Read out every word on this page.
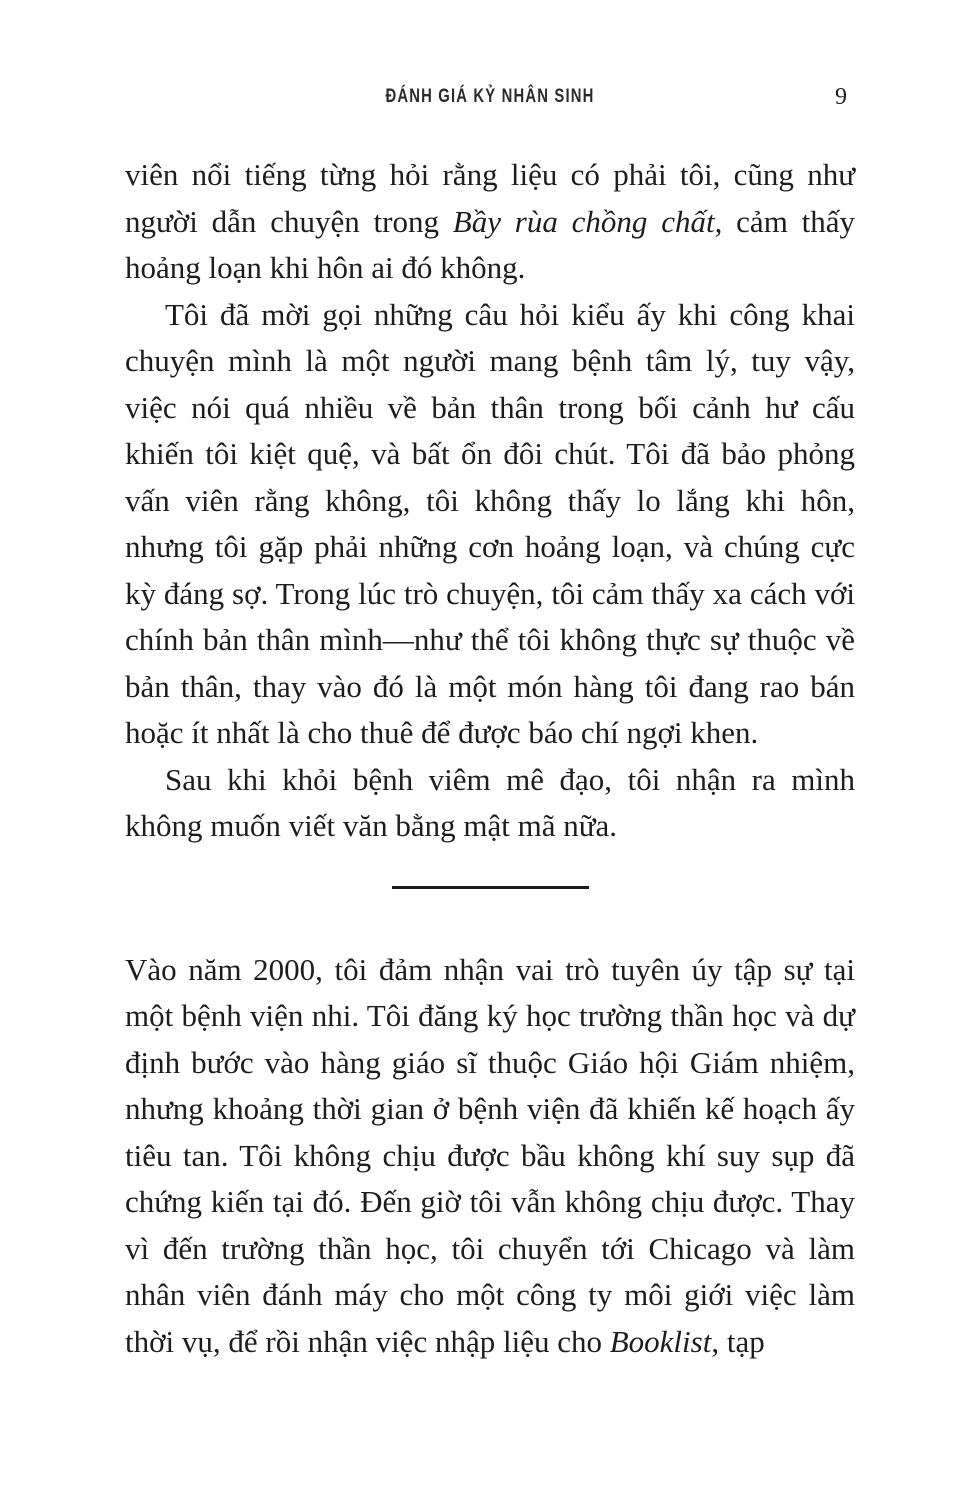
ĐÁNH GIÁ KỶ NHÂN SINH	9

viên nổi tiếng từng hỏi rằng liệu có phải tôi, cũng như người dẫn chuyện trong Bầy rùa chồng chất, cảm thấy hoảng loạn khi hôn ai đó không.

Tôi đã mời gọi những câu hỏi kiểu ấy khi công khai chuyện mình là một người mang bệnh tâm lý, tuy vậy, việc nói quá nhiều về bản thân trong bối cảnh hư cấu khiến tôi kiệt quệ, và bất ổn đôi chút. Tôi đã bảo phỏng vấn viên rằng không, tôi không thấy lo lắng khi hôn, nhưng tôi gặp phải những cơn hoảng loạn, và chúng cực kỳ đáng sợ. Trong lúc trò chuyện, tôi cảm thấy xa cách với chính bản thân mình—như thể tôi không thực sự thuộc về bản thân, thay vào đó là một món hàng tôi đang rao bán hoặc ít nhất là cho thuê để được báo chí ngợi khen.

Sau khi khỏi bệnh viêm mê đạo, tôi nhận ra mình không muốn viết văn bằng mật mã nữa.

Vào năm 2000, tôi đảm nhận vai trò tuyên úy tập sự tại một bệnh viện nhi. Tôi đăng ký học trường thần học và dự định bước vào hàng giáo sĩ thuộc Giáo hội Giám nhiệm, nhưng khoảng thời gian ở bệnh viện đã khiến kế hoạch ấy tiêu tan. Tôi không chịu được bầu không khí suy sụp đã chứng kiến tại đó. Đến giờ tôi vẫn không chịu được. Thay vì đến trường thần học, tôi chuyển tới Chicago và làm nhân viên đánh máy cho một công ty môi giới việc làm thời vụ, để rồi nhận việc nhập liệu cho Booklist, tạp
